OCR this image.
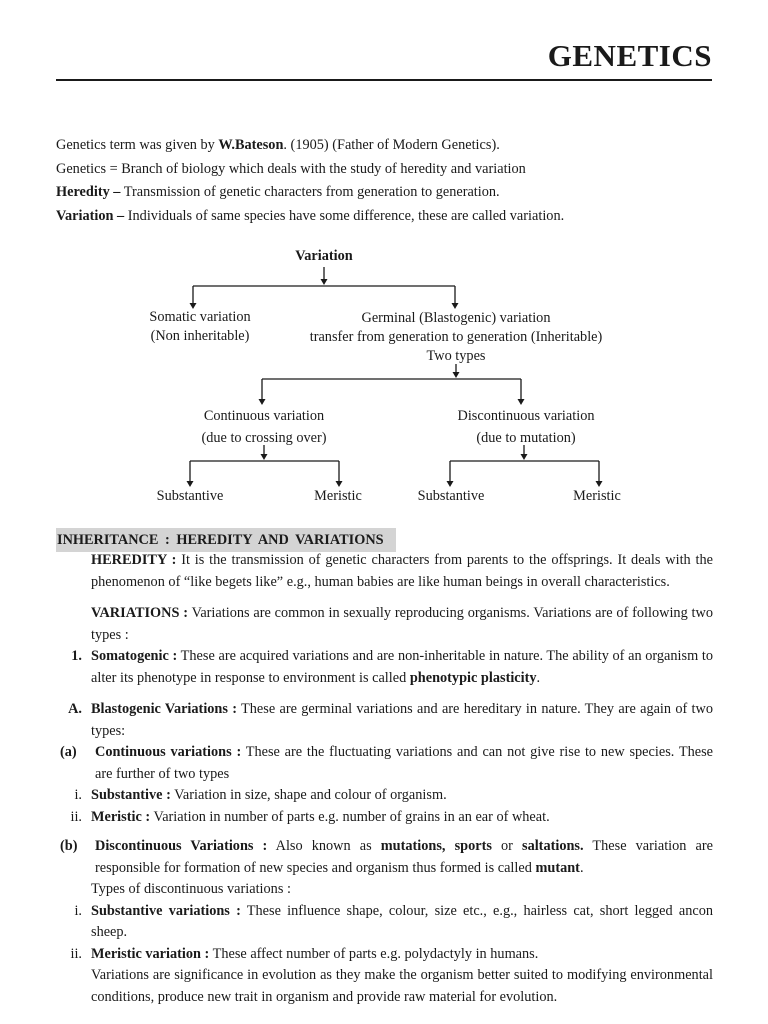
GENETICS

Genetics term was given by W.Bateson. (1905) (Father of Modern Genetics).

Genetics = Branch of biology which deals with the study of heredity and variation

Heredity – Transmission of genetic characters from generation to generation.

Variation – Individuals of same species have some difference, these are called variation.

Variation
Somatic variation
(Non inheritable)
Germinal (Blastogenic) variation
transfer from generation to generation (Inheritable)
Two types
Continuous variation
(due to crossing over)
Discontinuous variation
(due to mutation)
Substantive	Meristic	Substantive	Meristic
INHERITANCE : HEREDITY AND VARIATIONS

HEREDITY : It is the transmission of genetic characters from parents to the offsprings. It deals with the phenomenon of “like begets like” e.g., human babies are like human beings in overall characteristics.

VARIATIONS : Variations are common in sexually reproducing organisms. Variations are of following two types :

1. Somatogenic : These are acquired variations and are non-inheritable in nature. The ability of an organism to alter its phenotype in response to environment is called phenotypic plasticity.
A. Blastogenic Variations : These are germinal variations and are hereditary in nature. They are again of two types:
(a)	Continuous variations : These are the fluctuating variations and can not give rise to new species. These are further of two types
i. Substantive : Variation in size, shape and colour of organism.
ii. Meristic : Variation in number of parts e.g. number of grains in an ear of wheat.
(b)	Discontinuous Variations : Also known as mutations, sports or saltations. These variation are responsible for formation of new species and organism thus formed is called mutant.

Types of discontinuous variations :

i. Substantive variations : These influence shape, colour, size etc., e.g., hairless cat, short legged ancon sheep.
ii. Meristic variation : These affect number of parts e.g. polydactyly in humans.

Variations are significance in evolution as they make the organism better suited to modifying environmental conditions, produce new trait in organism and provide raw material for evolution.
